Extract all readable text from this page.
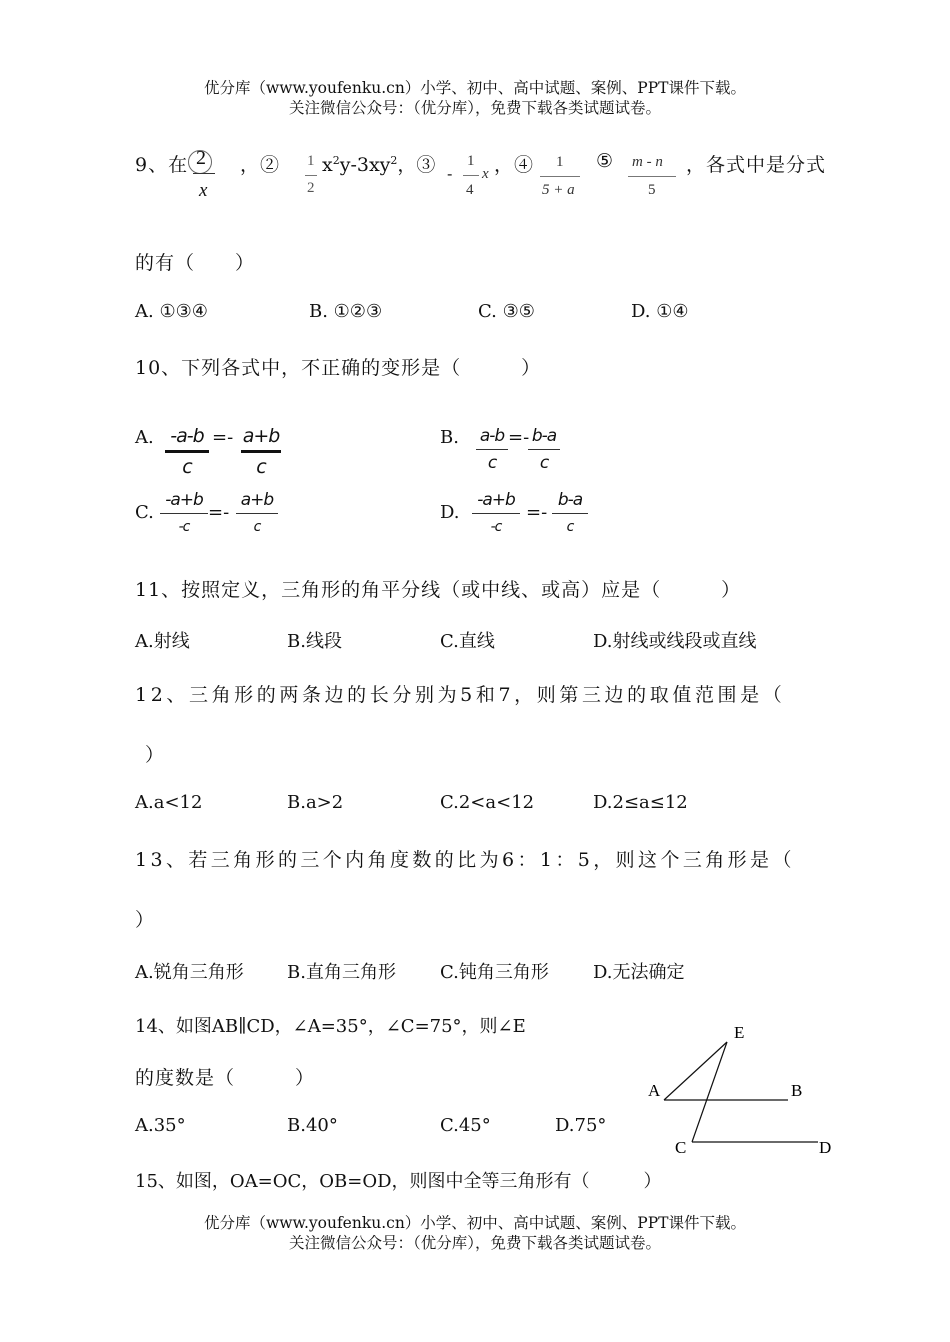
优分库（www.youfenku.cn）小学、初中、高中试题、案例、PPT课件下载。
关注微信公众号：（优分库），免费下载各类试题试卷。
9、在 2
x
，② 1
2
$x^2y-3xy^2$，③ -
1
4
x ，④ 1
5 + a
⑤ m - n
5
，各式中是分式
的有（　　）
A. ①③④	B. ①②③	C. ③⑤	D. ①④
10、下列各式中，不正确的变形是（　　　）
A. -a-b
c
=- a+b
c
B. a-b
c
=- b-a
c
C.
-a+b
-c
=-
a+b
c
D.
-a+b
-c
=-
b-a
c
11、按照定义，三角形的角平分线（或中线、或高）应是（　　　）
A.射线	B.线段	C.直线	D.射线或线段或直线
12、三角形的两条边的长分别为5和7，则第三边的取值范围是（
）
A.a<12	B.a>2	C.2<a<12	D.2≤a≤12
13、若三角形的三个内角度数的比为6：1：5，则这个三角形是（
）
A.锐角三角形 B.直角三角形 C.钝角三角形 D.无法确定
14、如图AB∥CD，∠A=35°，∠C=75°，则∠E
的度数是（　　　）
A.35°	B.40°	C.45°	D.75°
E
A	B
C	D
15、如图，OA=OC，OB=OD，则图中全等三角形有（　　　）
优分库（www.youfenku.cn）小学、初中、高中试题、案例、PPT课件下载。
关注微信公众号：（优分库），免费下载各类试题试卷。
